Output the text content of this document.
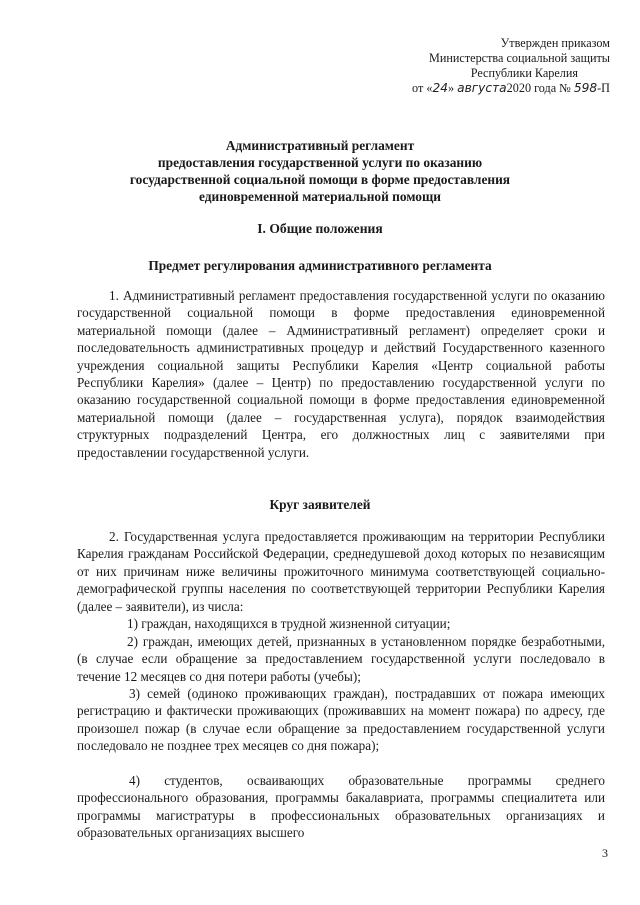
Утвержден приказом
Министерства социальной защиты
Республики Карелия
от «24» августа2020 года № 598-П
Административный регламент
предоставления государственной услуги по оказанию
государственной социальной помощи в форме предоставления
единовременной материальной помощи
I. Общие положения
Предмет регулирования административного регламента

1. Административный регламент предоставления государственной услуги по оказанию государственной социальной помощи в форме предоставления единовременной материальной помощи (далее – Административный регламент) определяет сроки и последовательность административных процедур и действий Государственного казенного учреждения социальной защиты Республики Карелия «Центр социальной работы Республики Карелия» (далее – Центр) по предоставлению государственной услуги по оказанию государственной социальной помощи в форме предоставления единовременной материальной помощи (далее – государственная услуга), порядок взаимодействия структурных подразделений Центра, его должностных лиц с заявителями при предоставлении государственной услуги.

Круг заявителей

2. Государственная услуга предоставляется проживающим на территории Республики Карелия гражданам Российской Федерации, среднедушевой доход которых по независящим от них причинам ниже величины прожиточного минимума соответствующей социально-демографической группы населения по соответствующей территории Республики Карелия (далее – заявители), из числа:

1) граждан, находящихся в трудной жизненной ситуации;

2) граждан, имеющих детей, признанных в установленном порядке безработными, (в случае если обращение за предоставлением государственной услуги последовало в течение 12 месяцев со дня потери работы (учебы);

3) семей (одиноко проживающих граждан), пострадавших от пожара имеющих регистрацию и фактически проживающих (проживавших на момент пожара) по адресу, где произошел пожар (в случае если обращение за предоставлением государственной услуги последовало не позднее трех месяцев со дня пожара);

4) студентов, осваивающих образовательные программы среднего профессионального образования, программы бакалавриата, программы специалитета или программы магистратуры в профессиональных образовательных организациях и образовательных организациях высшего

3
